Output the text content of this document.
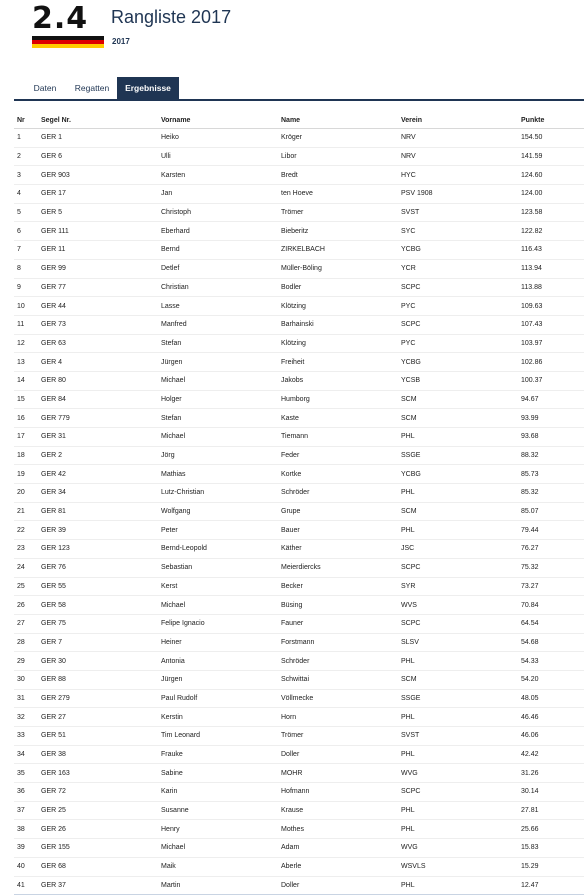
2.4 Rangliste 2017
2017
Daten	Regatten	Ergebnisse
Nr	Segel Nr.	Vorname	Name	Verein	Punkte
1	GER 1	Heiko	Kröger	NRV	154.50
2	GER 6	Ulli	Libor	NRV	141.59
3	GER 903	Karsten	Bredt	HYC	124.60
4	GER 17	Jan	ten Hoeve	PSV 1908	124.00
5	GER 5	Christoph	Trömer	SVST	123.58
6	GER 111	Eberhard	Bieberitz	SYC	122.82
7	GER 11	Bernd	ZIRKELBACH	YCBG	116.43
8	GER 99	Detlef	Müller-Böling	YCR	113.94
9	GER 77	Christian	Bodler	SCPC	113.88
10	GER 44	Lasse	Klötzing	PYC	109.63
11	GER 73	Manfred	Barhainski	SCPC	107.43
12	GER 63	Stefan	Klötzing	PYC	103.97
13	GER 4	Jürgen	Freiheit	YCBG	102.86
14	GER 80	Michael	Jakobs	YCSB	100.37
15	GER 84	Holger	Humborg	SCM	94.67
16	GER 779	Stefan	Kaste	SCM	93.99
17	GER 31	Michael	Tiemann	PHL	93.68
18	GER 2	Jörg	Feder	SSGE	88.32
19	GER 42	Mathias	Kortke	YCBG	85.73
20	GER 34	Lutz-Christian	Schröder	PHL	85.32
21	GER 81	Wolfgang	Grupe	SCM	85.07
22	GER 39	Peter	Bauer	PHL	79.44
23	GER 123	Bernd-Leopold	Käther	JSC	76.27
24	GER 76	Sebastian	Meierdiercks	SCPC	75.32
25	GER 55	Kerst	Becker	SYR	73.27
26	GER 58	Michael	Büsing	WVS	70.84
27	GER 75	Felipe Ignacio	Fauner	SCPC	64.54
28	GER 7	Heiner	Forstmann	SLSV	54.68
29	GER 30	Antonia	Schröder	PHL	54.33
30	GER 88	Jürgen	Schwittai	SCM	54.20
31	GER 279	Paul Rudolf	Völlmecke	SSGE	48.05
32	GER 27	Kerstin	Horn	PHL	46.46
33	GER 51	Tim Leonard	Trömer	SVST	46.06
34	GER 38	Frauke	Doller	PHL	42.42
35	GER 163	Sabine	MOHR	WVG	31.26
36	GER 72	Karin	Hofmann	SCPC	30.14
37	GER 25	Susanne	Krause	PHL	27.81
38	GER 26	Henry	Mothes	PHL	25.66
39	GER 155	Michael	Adam	WVG	15.83
40	GER 68	Maik	Aberle	WSVLS	15.29
41	GER 37	Martin	Doller	PHL	12.47
